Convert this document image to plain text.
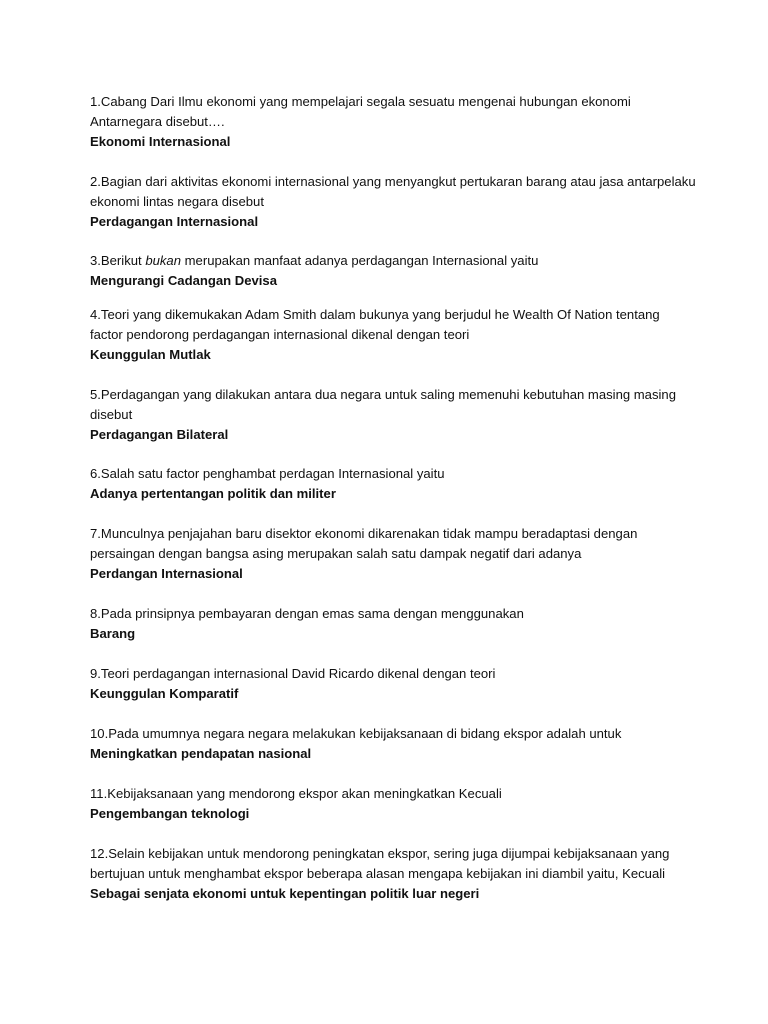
1.Cabang Dari Ilmu ekonomi yang mempelajari segala sesuatu mengenai hubungan ekonomi
Antarnegara disebut….

Ekonomi Internasional

2.Bagian dari aktivitas ekonomi internasional yang menyangkut pertukaran barang atau jasa antarpelaku
ekonomi lintas negara disebut

Perdagangan Internasional

3.Berikut bukan merupakan manfaat adanya perdagangan Internasional yaitu

Mengurangi Cadangan Devisa

4.Teori yang dikemukakan Adam Smith dalam bukunya yang berjudul he Wealth Of Nation tentang
factor pendorong perdagangan internasional dikenal dengan teori

Keunggulan Mutlak

5.Perdagangan yang dilakukan antara dua negara untuk saling memenuhi kebutuhan masing masing
disebut

Perdagangan Bilateral

6.Salah satu factor penghambat perdagan Internasional yaitu

Adanya pertentangan politik dan militer

7.Munculnya penjajahan baru disektor ekonomi dikarenakan tidak mampu beradaptasi dengan
persaingan dengan bangsa asing merupakan salah satu dampak negatif dari adanya

Perdangan Internasional

8.Pada prinsipnya pembayaran dengan emas sama dengan menggunakan

Barang

9.Teori perdagangan internasional David Ricardo dikenal dengan teori

Keunggulan Komparatif

10.Pada umumnya negara negara melakukan kebijaksanaan di bidang ekspor adalah untuk

Meningkatkan pendapatan nasional

11.Kebijaksanaan yang mendorong ekspor akan meningkatkan Kecuali

Pengembangan teknologi

12.Selain kebijakan untuk mendorong peningkatan ekspor, sering juga dijumpai kebijaksanaan yang
bertujuan untuk menghambat ekspor beberapa alasan mengapa kebijakan ini diambil yaitu, Kecuali

Sebagai senjata ekonomi untuk kepentingan politik luar negeri
